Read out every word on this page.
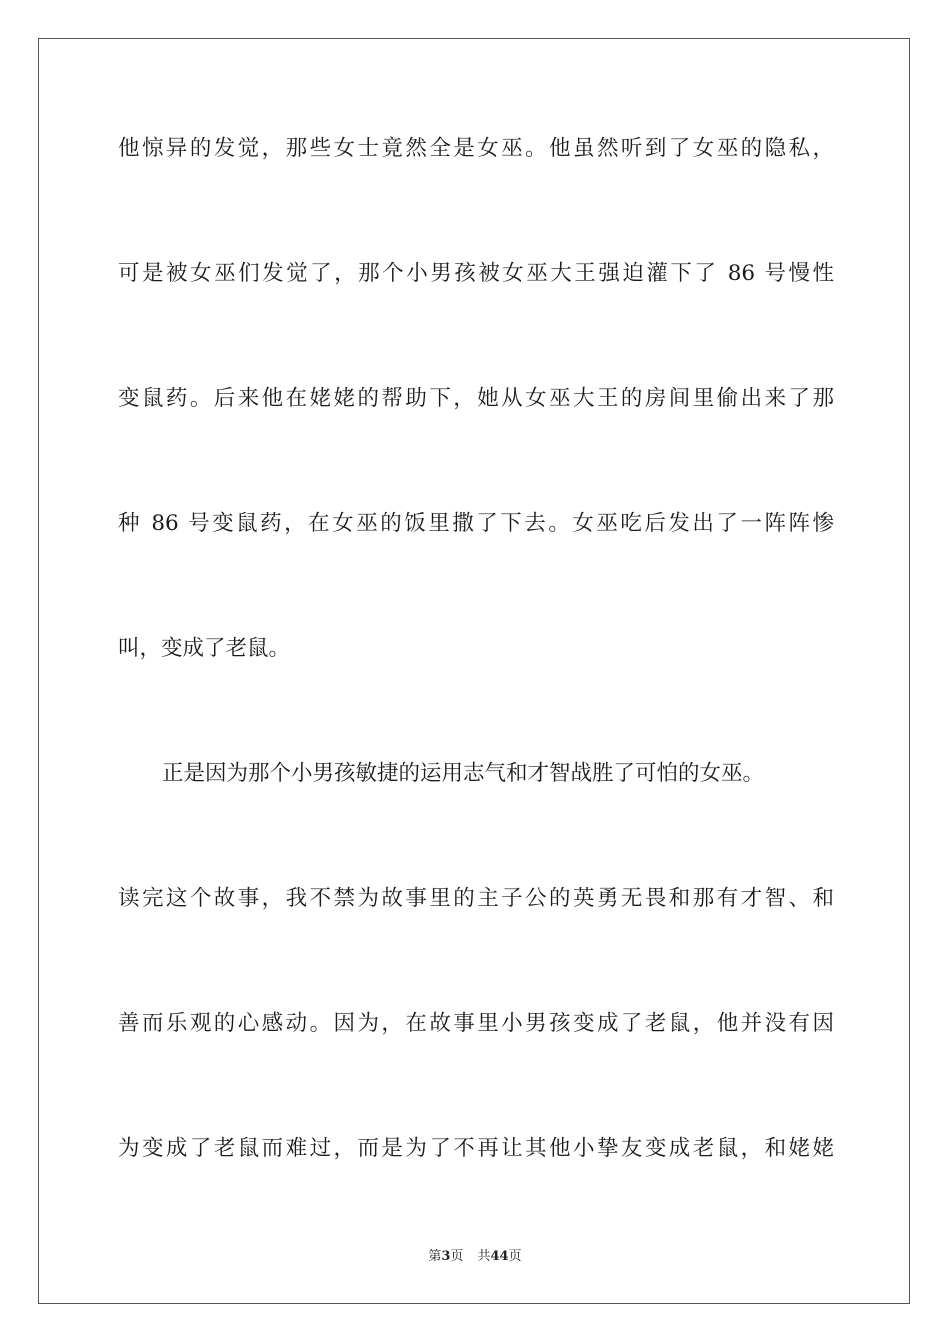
他惊异的发觉，那些女士竟然全是女巫。他虽然听到了女巫的隐私，
可是被女巫们发觉了，那个小男孩被女巫大王强迫灌下了 86 号慢性
变鼠药。后来他在姥姥的帮助下，她从女巫大王的房间里偷出来了那
种 86 号变鼠药，在女巫的饭里撒了下去。女巫吃后发出了一阵阵惨
叫，变成了老鼠。
正是因为那个小男孩敏捷的运用志气和才智战胜了可怕的女巫。
读完这个故事，我不禁为故事里的主子公的英勇无畏和那有才智、和
善而乐观的心感动。因为，在故事里小男孩变成了老鼠，他并没有因
为变成了老鼠而难过，而是为了不再让其他小挚友变成老鼠，和姥姥
第3页 共44页
